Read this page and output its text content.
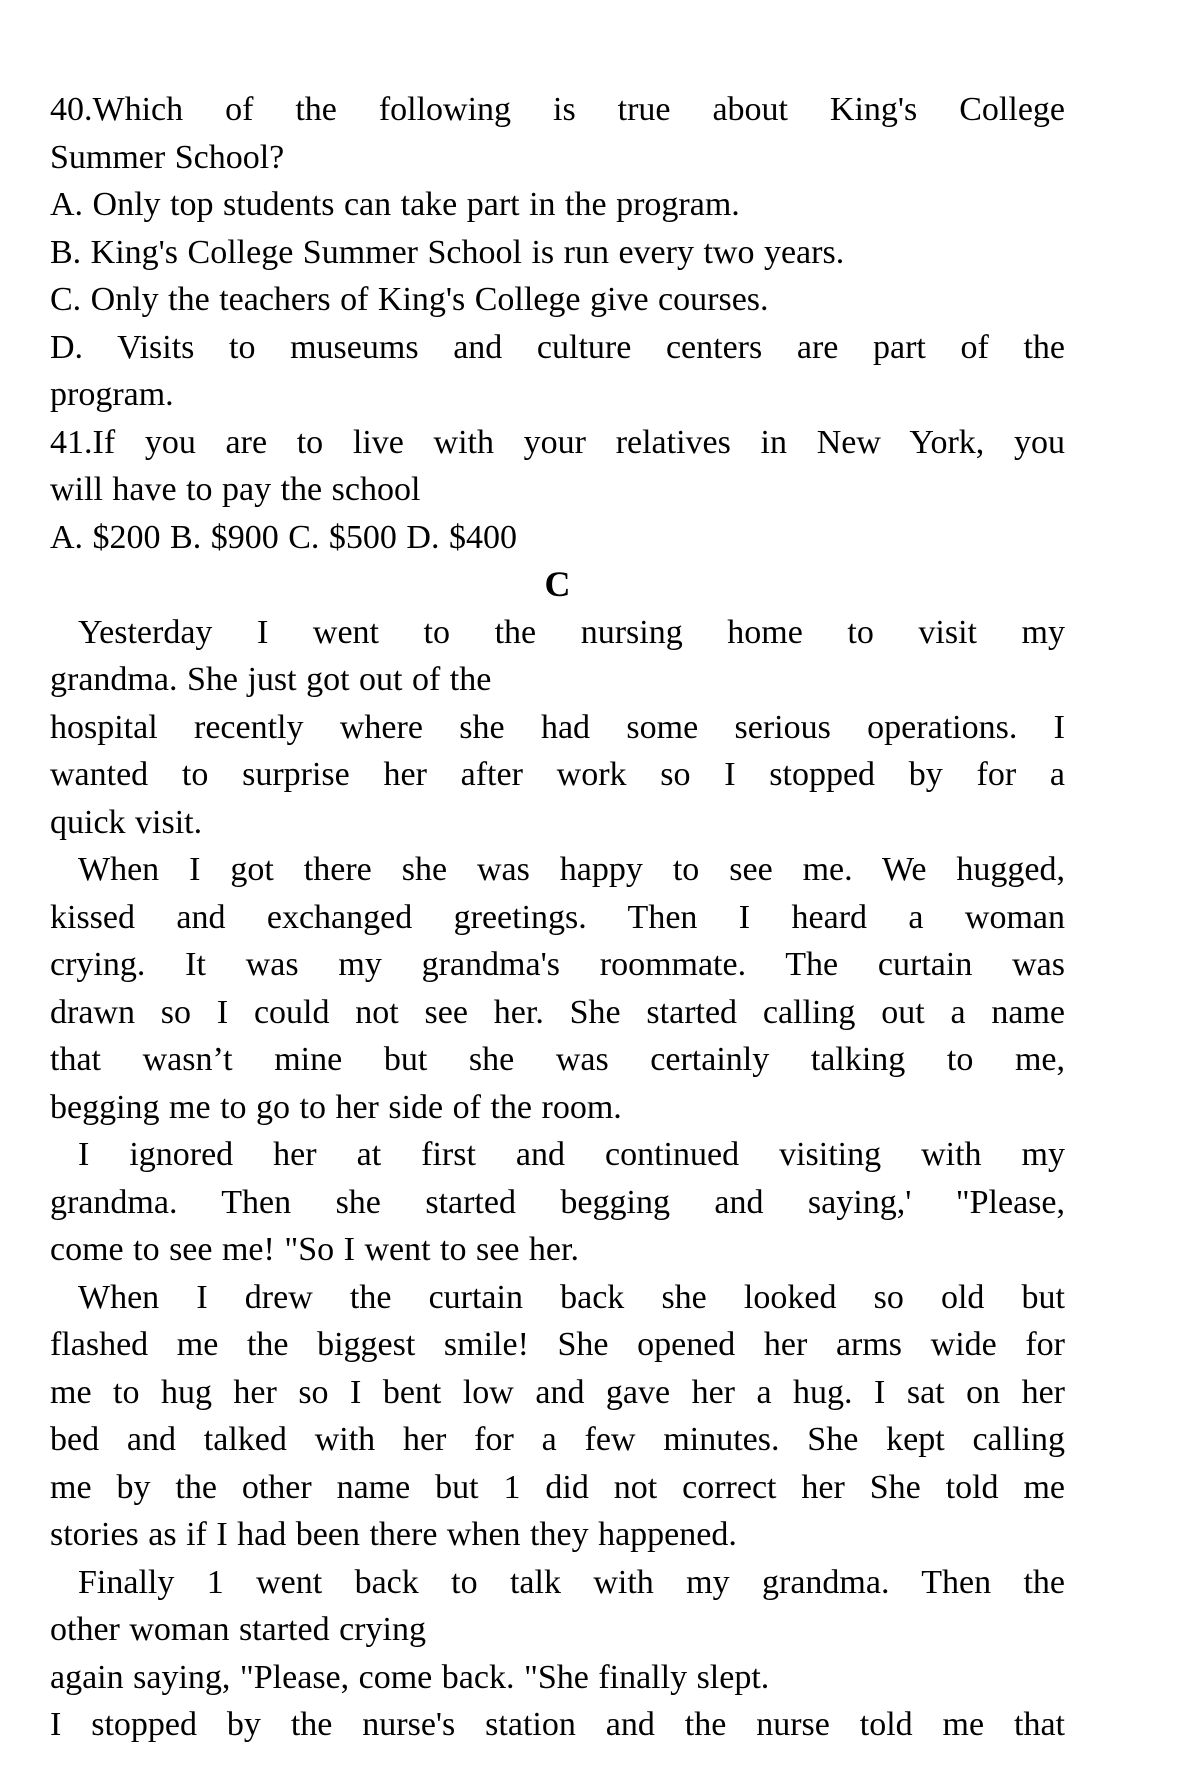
40.Which of the following is true about King's College
Summer School?
A. Only top students can take part in the program.
B. King's College Summer School is run every two years.
C. Only the teachers of King's College give courses.
D. Visits to museums and culture centers are part of the
program.
41.If you are to live with your relatives in New York, you
will have to pay the school
A. $200 B. $900 C. $500 D. $400
C
Yesterday I went to the nursing home to visit my
grandma. She just got out of the
hospital recently where she had some serious operations. I
wanted to surprise her after work so I stopped by for a
quick visit.
When I got there she was happy to see me. We hugged,
kissed and exchanged greetings. Then I heard a woman
crying. It was my grandma's roommate. The curtain was
drawn so I could not see her. She started calling out a name
that wasn’t mine but she was certainly talking to me,
begging me to go to her side of the room.
I ignored her at first and continued visiting with my
grandma. Then she started begging and saying,' "Please,
come to see me! "So I went to see her.
When I drew the curtain back she looked so old but
flashed me the biggest smile! She opened her arms wide for
me to hug her so I bent low and gave her a hug. I sat on her
bed and talked with her for a few minutes. She kept calling
me by the other name but 1 did not correct her She told me
stories as if I had been there when they happened.
Finally 1 went back to talk with my grandma. Then the
other woman started crying
again saying, "Please, come back. "She finally slept.
I stopped by the nurse's station and the nurse told me that
